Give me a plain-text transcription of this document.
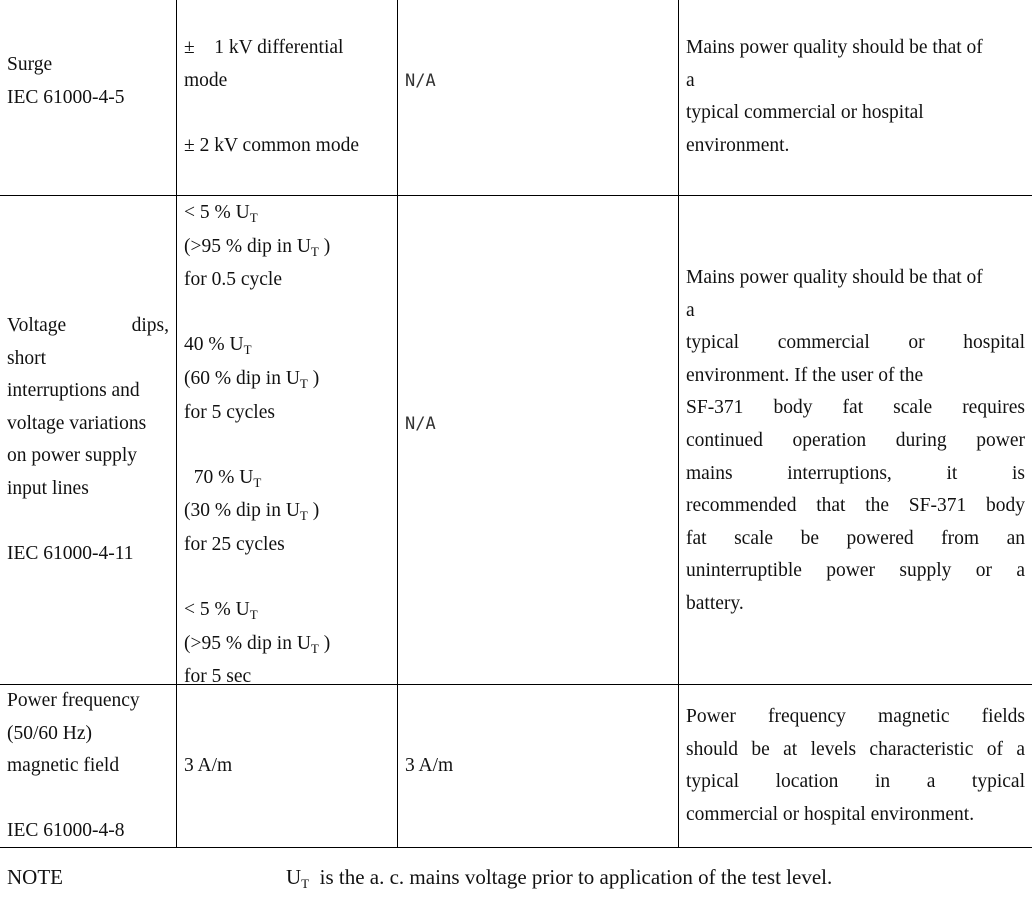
Surge
IEC 61000-4-5
±    1 kV differential
mode

± 2 kV common mode
N/A
Mains power quality should be that of
a
typical commercial or hospital
environment.
Voltage dips,
short
interruptions and
voltage variations
on power supply
input lines

IEC 61000-4-11
< 5 % $U_T$
(>95 % dip in $U_T$ )
for 0.5 cycle

40 % $U_T$
(60 % dip in $U_T$ )
for 5 cycles

70 % $U_T$
(30 % dip in $U_T$ )
for 25 cycles

< 5 % $U_T$
(>95 % dip in $U_T$ )
for 5 sec
N/A
Mains power quality should be that of
a
typical commercial or hospital
environment. If the user of the
SF-371 body fat scale requires
continued operation during power
mains interruptions, it is
recommended that the SF-371 body
fat scale be powered from an
uninterruptible power supply or a
battery.
Power frequency
(50/60 Hz)
magnetic field

IEC 61000-4-8
3 A/m	3 A/m
Power frequency magnetic fields
should be at levels characteristic of a
typical location in a typical
commercial or hospital environment.
NOTE	UT  is the a. c. mains voltage prior to application of the test level.
